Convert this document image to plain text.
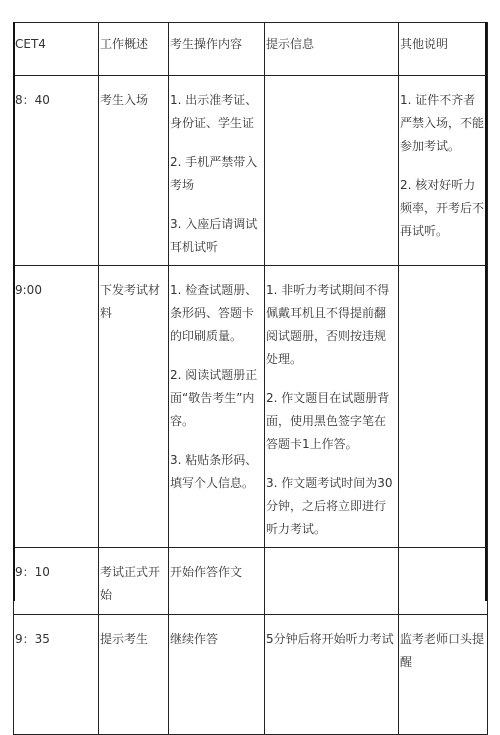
CET4	工作概述	考生操作内容	提示信息	其他说明
8：40	考生入场	1. 出示准考证、身份证、学生证
2. 手机严禁带入考场
3. 入座后请调试耳机试听		1. 证件不齐者严禁入场，不能参加考试。
2. 核对好听力频率，开考后不再试听。

9:00	下发考试材料	1. 检查试题册、条形码、答题卡的印刷质量。
2. 阅读试题册正面“敬告考生”内容。
3. 粘贴条形码、填写个人信息。	1. 非听力考试期间不得佩戴耳机且不得提前翻阅试题册，否则按违规处理。
2. 作文题目在试题册背面，使用黑色签字笔在答题卡1上作答。
3. 作文题考试时间为30分钟，之后将立即进行听力考试。	

9：10	考试正式开始	开始作答作文		

9：35	提示考生	继续作答	5分钟后将开始听力考试	监考老师口头提醒
